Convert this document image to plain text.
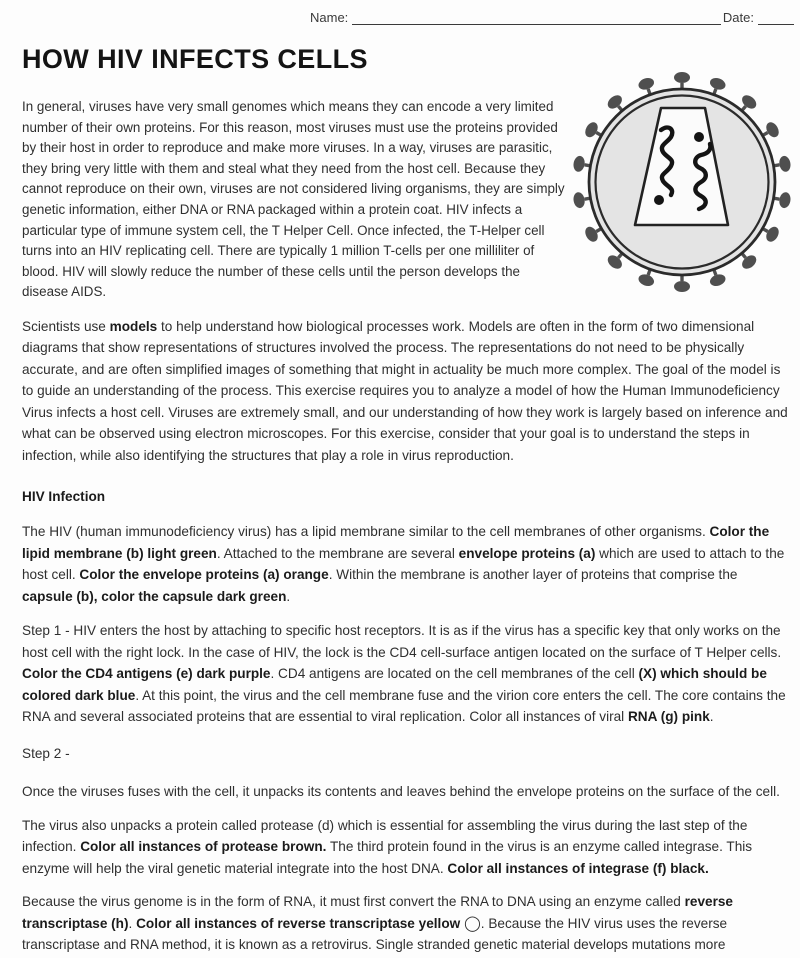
Name:	Date:
HOW HIV INFECTS CELLS

In general, viruses have very small genomes which means they can encode a very limited number of their own proteins. For this reason, most viruses must use the proteins provided by their host in order to reproduce and make more viruses. In a way, viruses are parasitic, they bring very little with them and steal what they need from the host cell. Because they cannot reproduce on their own, viruses are not considered living organisms, they are simply genetic information, either DNA or RNA packaged within a protein coat. HIV infects a particular type of immune system cell, the T Helper Cell. Once infected, the T-Helper cell turns into an HIV replicating cell. There are typically 1 million T-cells per one milliliter of blood. HIV will slowly reduce the number of these cells until the person develops the disease AIDS.

Scientists use models to help understand how biological processes work. Models are often in the form of two dimensional diagrams that show representations of structures involved the process. The representations do not need to be physically accurate, and are often simplified images of something that might in actuality be much more complex. The goal of the model is to guide an understanding of the process. This exercise requires you to analyze a model of how the Human Immunodeficiency Virus infects a host cell. Viruses are extremely small, and our understanding of how they work is largely based on inference and what can be observed using electron microscopes. For this exercise, consider that your goal is to understand the steps in infection, while also identifying the structures that play a role in virus reproduction.

HIV Infection

The HIV (human immunodeficiency virus) has a lipid membrane similar to the cell membranes of other organisms. Color the lipid membrane (b) light green. Attached to the membrane are several envelope proteins (a) which are used to attach to the host cell. Color the envelope proteins (a) orange. Within the membrane is another layer of proteins that comprise the capsule (b), color the capsule dark green.

Step 1 - HIV enters the host by attaching to specific host receptors. It is as if the virus has a specific key that only works on the host cell with the right lock. In the case of HIV, the lock is the CD4 cell-surface antigen located on the surface of T Helper cells. Color the CD4 antigens (e) dark purple. CD4 antigens are located on the cell membranes of the cell (X) which should be colored dark blue. At this point, the virus and the cell membrane fuse and the virion core enters the cell. The core contains the RNA and several associated proteins that are essential to viral replication. Color all instances of viral RNA (g) pink.

Step 2 -

Once the viruses fuses with the cell, it unpacks its contents and leaves behind the envelope proteins on the surface of the cell.

The virus also unpacks a protein called protease (d) which is essential for assembling the virus during the last step of the infection. Color all instances of protease brown. The third protein found in the virus is an enzyme called integrase. This enzyme will help the viral genetic material integrate into the host DNA. Color all instances of integrase (f) black.

Because the virus genome is in the form of RNA, it must first convert the RNA to DNA using an enzyme called reverse transcriptase (h). Color all instances of reverse transcriptase yellow ◯. Because the HIV virus uses the reverse transcriptase and RNA method, it is known as a retrovirus. Single stranded genetic material develops mutations more
